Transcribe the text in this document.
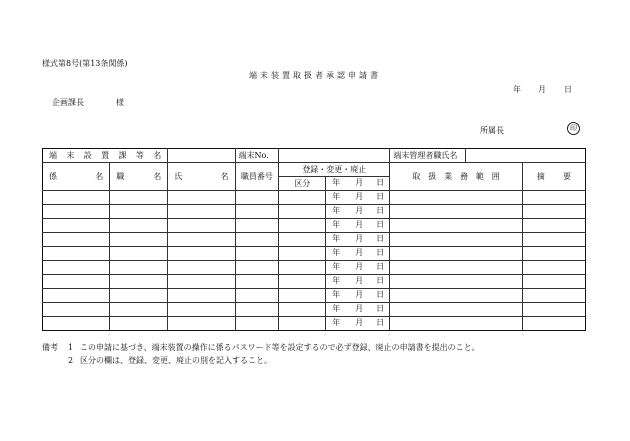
様式第8号(第13条関係)
端末装置取扱者承認申請書
年 月 日
企画課長	様
所属長	印
端末設置課等名			端末No.			端末管理者職氏名		
係名	職名	氏名	職員番号	登録・変更・廃止		取扱業務範囲		摘要
				区分	年 月 日			

					年 月 日			

					年 月 日			

					年 月 日			

					年 月 日			

					年 月 日			

					年 月 日			

					年 月 日			

					年 月 日			

					年 月 日			

					年 月 日			

備考 1 この申請に基づき、端末装置の操作に係るパスワード等を設定するので必ず登録、廃止の申請書を提出のこと。
2 区分の欄は、登録、変更、廃止の別を記入すること。
